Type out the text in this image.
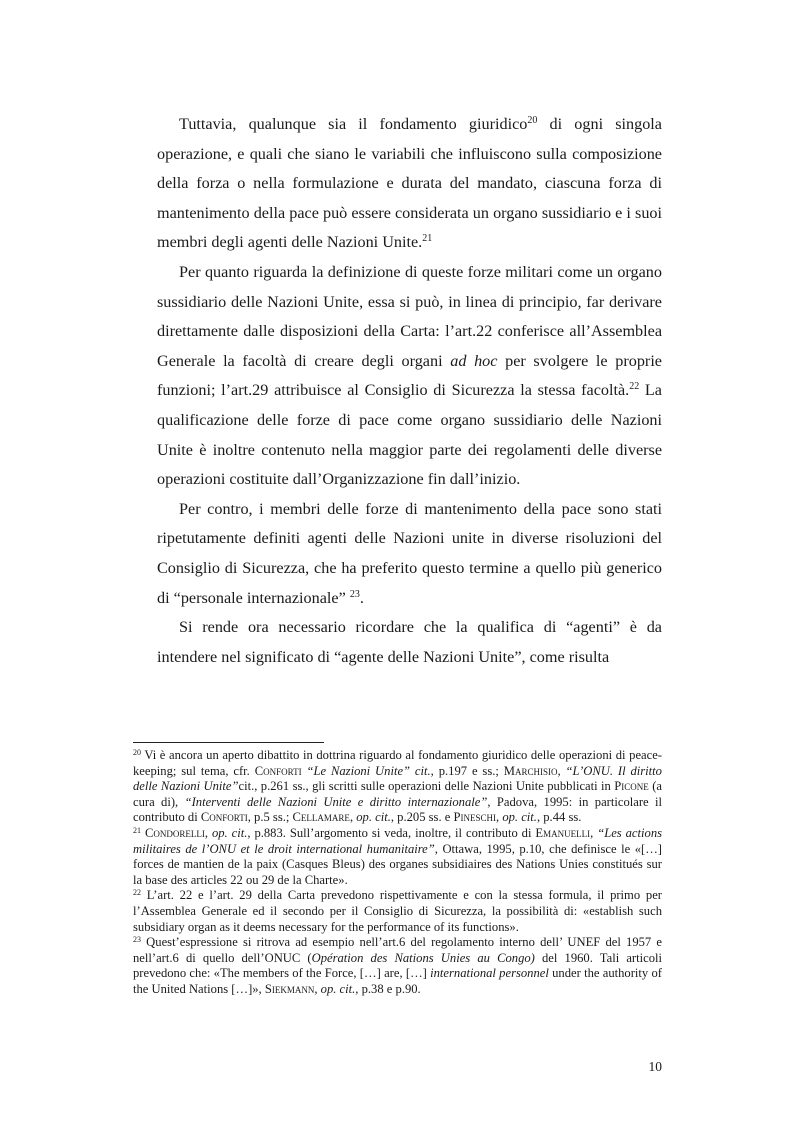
Tuttavia, qualunque sia il fondamento giuridico$^{20}$ di ogni singola operazione, e quali che siano le variabili che influiscono sulla composizione della forza o nella formulazione e durata del mandato, ciascuna forza di mantenimento della pace può essere considerata un organo sussidiario e i suoi membri degli agenti delle Nazioni Unite.$^{21}$

Per quanto riguarda la definizione di queste forze militari come un organo sussidiario delle Nazioni Unite, essa si può, in linea di principio, far derivare direttamente dalle disposizioni della Carta: l’art.22 conferisce all’Assemblea Generale la facoltà di creare degli organi ad hoc per svolgere le proprie funzioni; l’art.29 attribuisce al Consiglio di Sicurezza la stessa facoltà.$^{22}$ La qualificazione delle forze di pace come organo sussidiario delle Nazioni Unite è inoltre contenuto nella maggior parte dei regolamenti delle diverse operazioni costituite dall’Organizzazione fin dall’inizio.

Per contro, i membri delle forze di mantenimento della pace sono stati ripetutamente definiti agenti delle Nazioni unite in diverse risoluzioni del Consiglio di Sicurezza, che ha preferito questo termine a quello più generico di “personale internazionale” $^{23}$.

Si rende ora necessario ricordare che la qualifica di “agenti” è da intendere nel significato di “agente delle Nazioni Unite”, come risulta

$^{20}$ Vi è ancora un aperto dibattito in dottrina riguardo al fondamento giuridico delle operazioni di peace-keeping; sul tema, cfr. Conforti “Le Nazioni Unite” cit., p.197 e ss.; Marchisio, “L’ONU. Il diritto delle Nazioni Unite”cit., p.261 ss., gli scritti sulle operazioni delle Nazioni Unite pubblicati in Picone (a cura di), “Interventi delle Nazioni Unite e diritto internazionale”, Padova, 1995: in particolare il contributo di Conforti, p.5 ss.; Cellamare, op. cit., p.205 ss. e Pineschi, op. cit., p.44 ss.

$^{21}$ Condorelli, op. cit., p.883. Sull’argomento si veda, inoltre, il contributo di Emanuelli, “Les actions militaires de l’ONU et le droit international humanitaire”, Ottawa, 1995, p.10, che definisce le «[…] forces de mantien de la paix (Casques Bleus) des organes subsidiaires des Nations Unies constitués sur la base des articles 22 ou 29 de la Charte».

$^{22}$ L’art. 22 e l’art. 29 della Carta prevedono rispettivamente e con la stessa formula, il primo per l’Assemblea Generale ed il secondo per il Consiglio di Sicurezza, la possibilità di: «establish such subsidiary organ as it deems necessary for the performance of its functions».

$^{23}$ Quest’espressione si ritrova ad esempio nell’art.6 del regolamento interno dell’ UNEF del 1957 e nell’art.6 di quello dell’ONUC (Opération des Nations Unies au Congo) del 1960. Tali articoli prevedono che: «The members of the Force, […] are, […] international personnel under the authority of the United Nations […]», Siekmann, op. cit., p.38 e p.90.

10
